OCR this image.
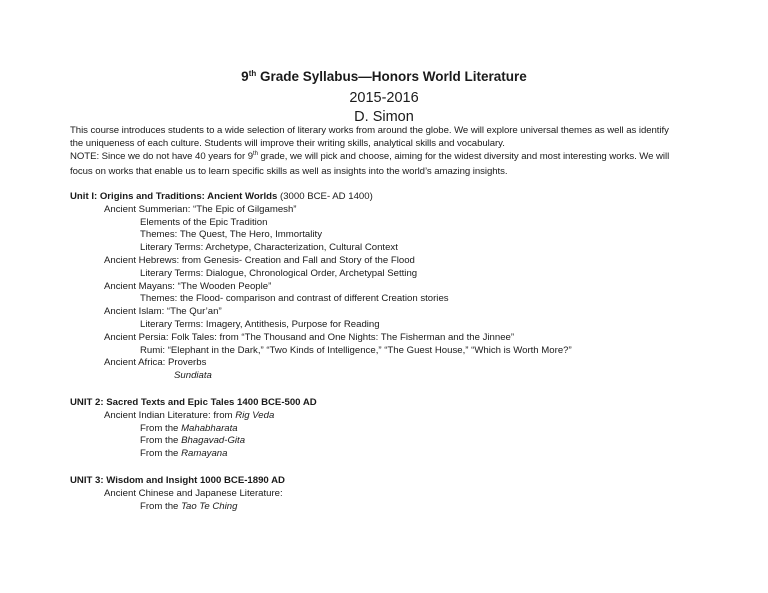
9th Grade Syllabus—Honors World Literature
2015-2016
D. Simon
This course introduces students to a wide selection of literary works from around the globe. We will explore universal themes as well as identify
the uniqueness of each culture. Students will improve their writing skills, analytical skills and vocabulary.
NOTE: Since we do not have 40 years for 9th grade, we will pick and choose, aiming for the widest diversity and most interesting works. We will
focus on works that enable us to learn specific skills as well as insights into the world’s amazing insights.
Unit I: Origins and Traditions: Ancient Worlds (3000 BCE- AD 1400)
Ancient Summerian: “The Epic of Gilgamesh”
Elements of the Epic Tradition
Themes: The Quest, The Hero, Immortality
Literary Terms: Archetype, Characterization, Cultural Context
Ancient Hebrews: from Genesis- Creation and Fall and Story of the Flood
Literary Terms: Dialogue, Chronological Order, Archetypal Setting
Ancient Mayans: “The Wooden People”
Themes: the Flood- comparison and contrast of different Creation stories
Ancient Islam: “The Qur’an”
Literary Terms: Imagery, Antithesis, Purpose for Reading
Ancient Persia: Folk Tales: from “The Thousand and One Nights: The Fisherman and the Jinnee”
Rumi: “Elephant in the Dark,” “Two Kinds of Intelligence,” “The Guest House,” “Which is Worth More?”
Ancient Africa: Proverbs
Sundiata
UNIT 2: Sacred Texts and Epic Tales 1400 BCE-500 AD
Ancient Indian Literature: from Rig Veda
From the Mahabharata
From the Bhagavad-Gita
From the Ramayana
UNIT 3: Wisdom and Insight 1000 BCE-1890 AD
Ancient Chinese and Japanese Literature:
From the Tao Te Ching
